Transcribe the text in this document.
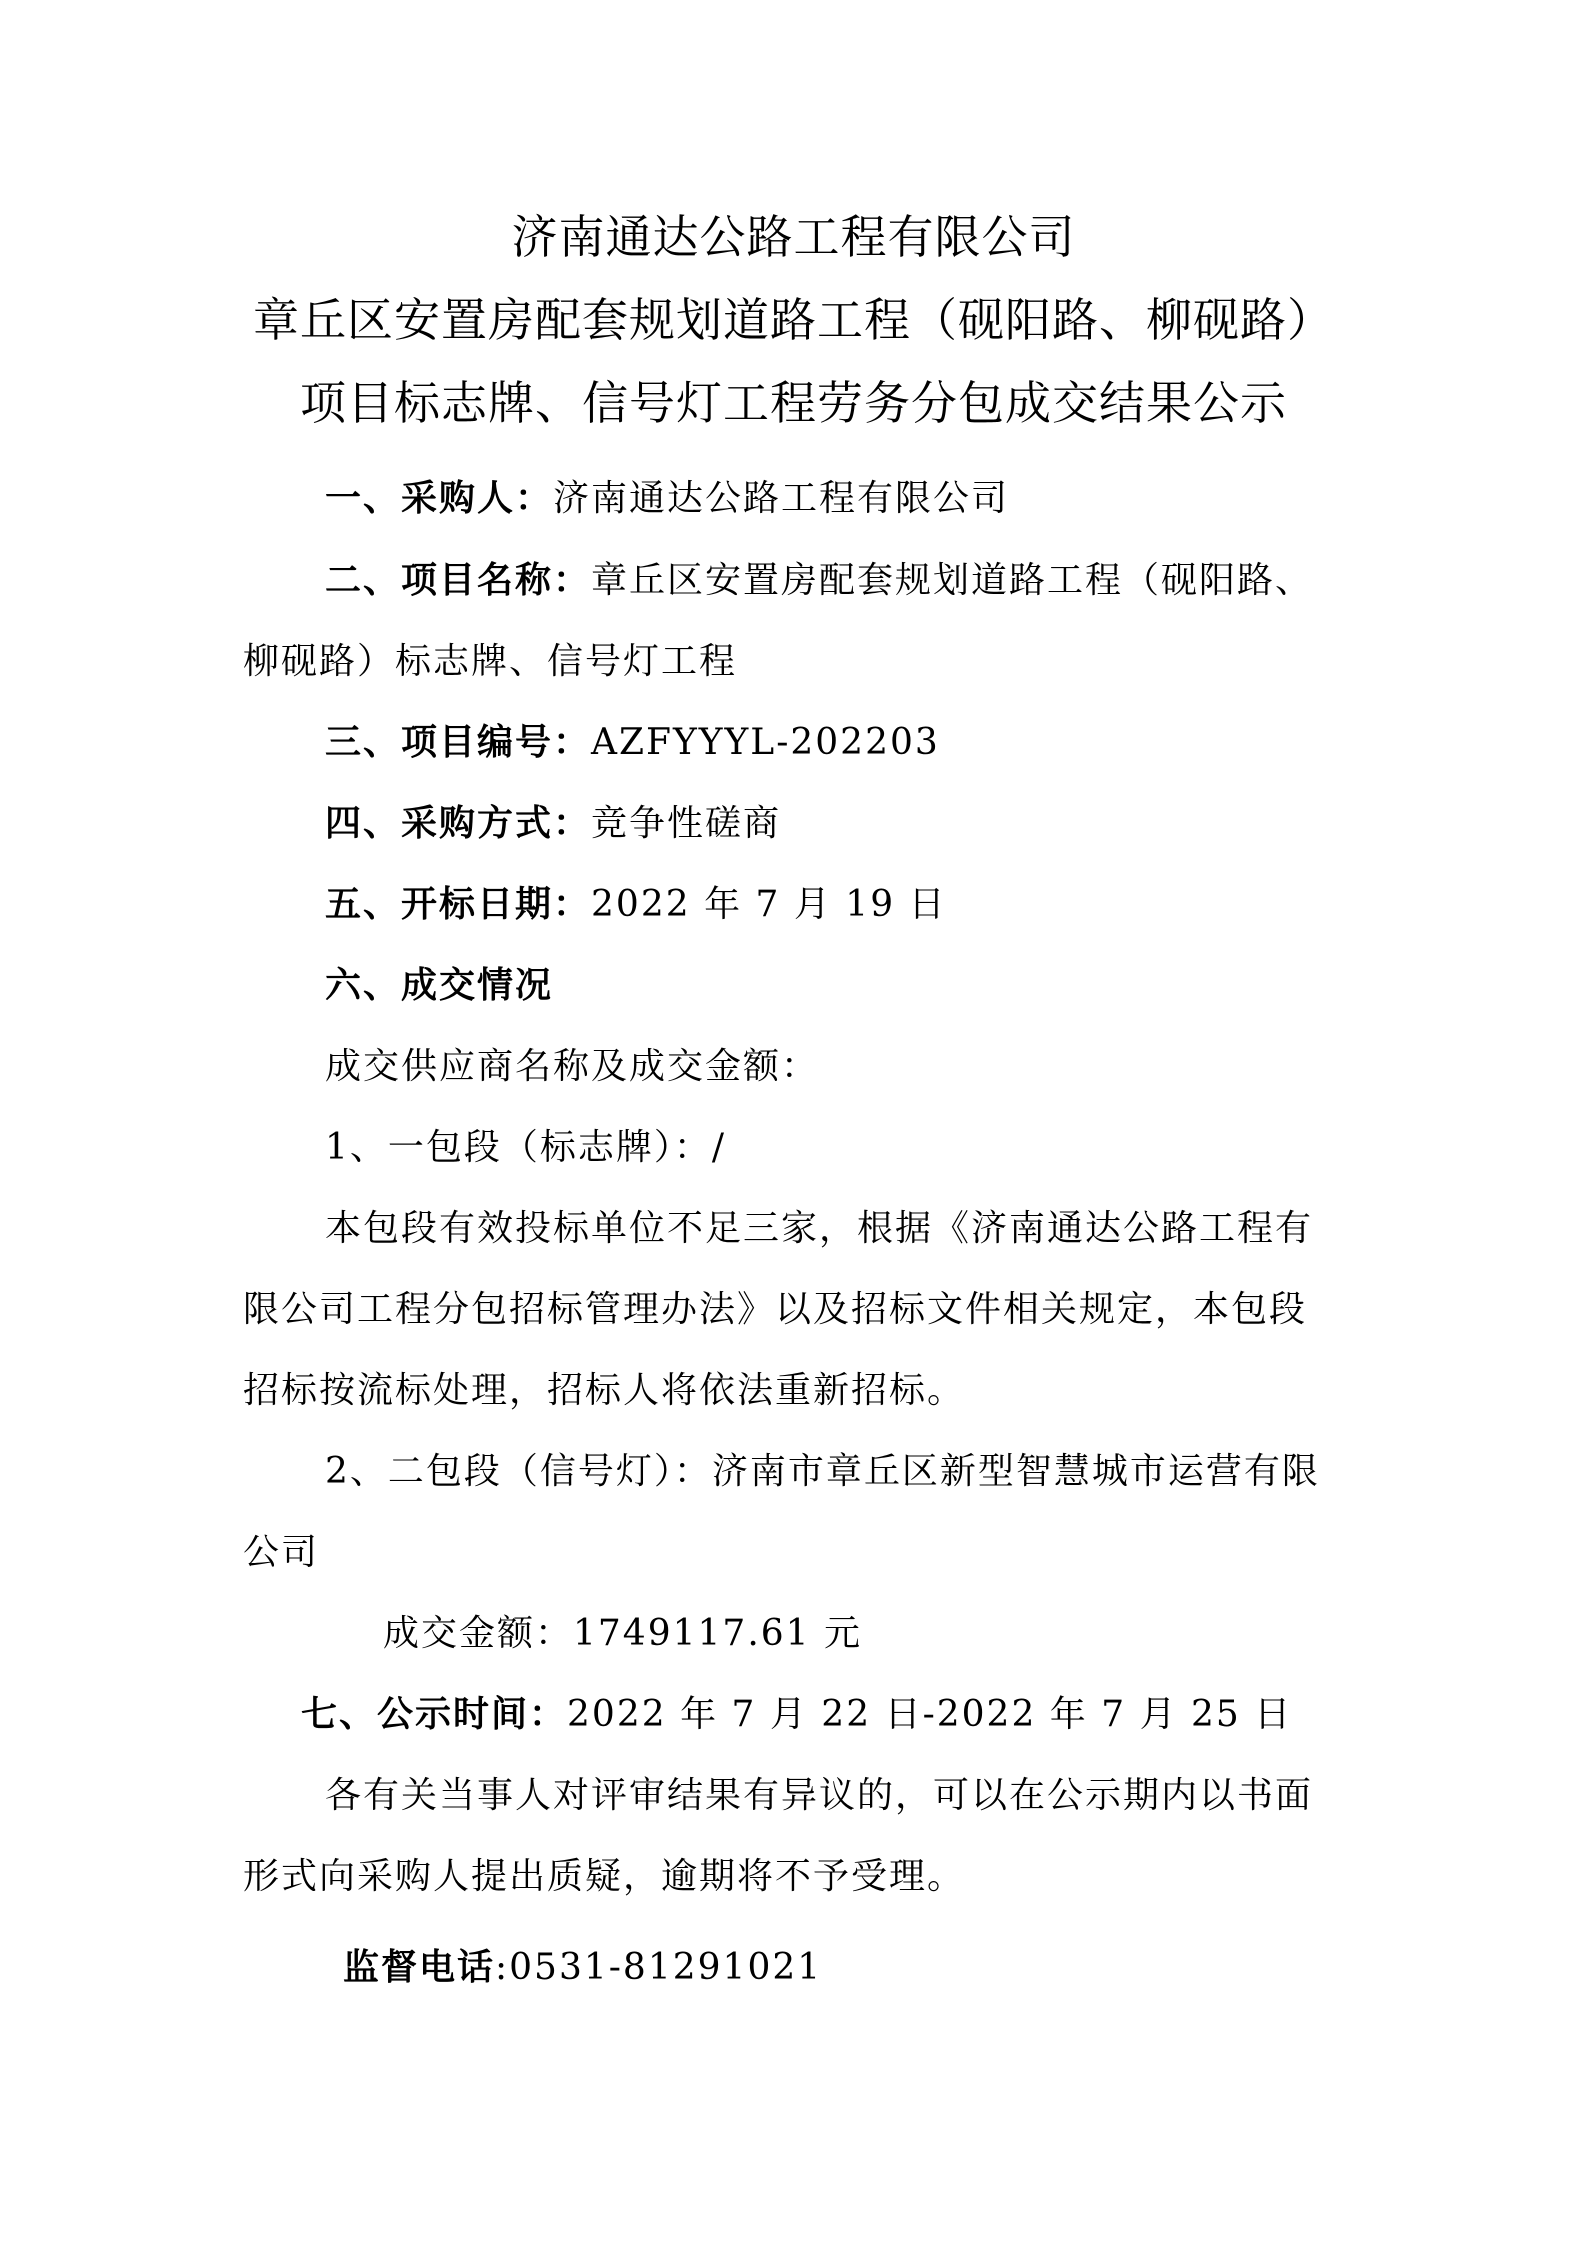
济南通达公路工程有限公司
章丘区安置房配套规划道路工程（砚阳路、柳砚路）
项目标志牌、信号灯工程劳务分包成交结果公示
一、采购人：济南通达公路工程有限公司
二、项目名称：章丘区安置房配套规划道路工程（砚阳路、
柳砚路）标志牌、信号灯工程
三、项目编号：AZFYYYL-202203
四、采购方式：竞争性磋商
五、开标日期：2022 年 7 月 19 日
六、成交情况
成交供应商名称及成交金额：
1、一包段（标志牌）：/
本包段有效投标单位不足三家，根据《济南通达公路工程有
限公司工程分包招标管理办法》以及招标文件相关规定，本包段
招标按流标处理，招标人将依法重新招标。
2、二包段（信号灯）：济南市章丘区新型智慧城市运营有限
公司
成交金额：1749117.61 元
七、公示时间：2022 年 7 月 22 日-2022 年 7 月 25 日
各有关当事人对评审结果有异议的，可以在公示期内以书面
形式向采购人提出质疑，逾期将不予受理。
监督电话:0531-81291021
